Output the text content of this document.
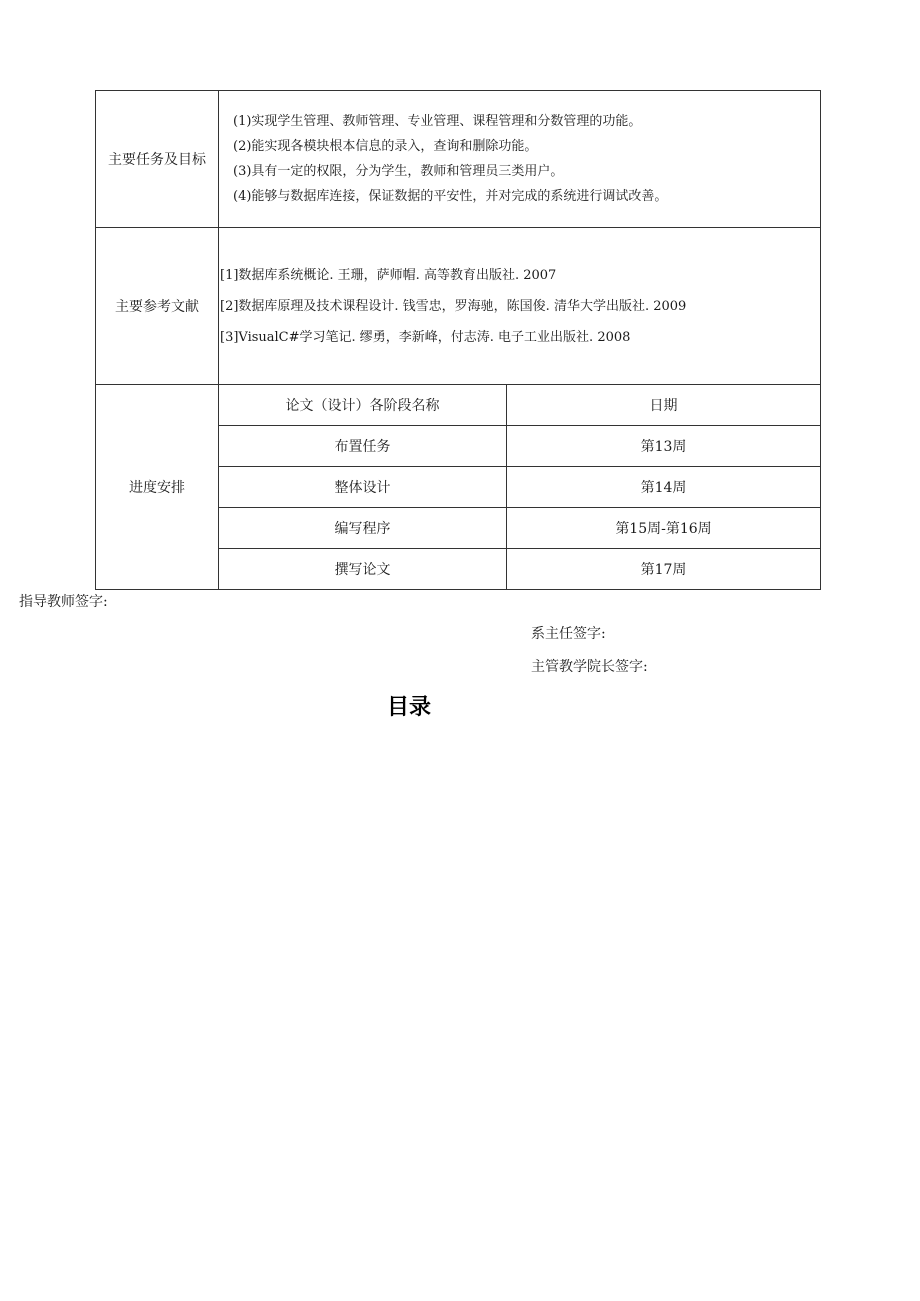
主要任务及目标	
(1)实现学生管理、教师管理、专业管理、课程管理和分数管理的功能。
(2)能实现各模块根本信息的录入，查询和删除功能。
(3)具有一定的权限，分为学生，教师和管理员三类用户。
(4)能够与数据库连接，保证数据的平安性，并对完成的系统进行调试改善。

主要参考文献	
[1]数据库系统概论. 王珊，萨师帽. 高等教育出版社. 2007
[2]数据库原理及技术课程设计. 钱雪忠，罗海驰，陈国俊. 清华大学出版社. 2009
[3]VisualC#学习笔记. 缪勇，李新峰，付志涛. 电子工业出版社. 2008

进度安排	
论文（设计）各阶段名称	日期
布置任务	第13周
整体设计	第14周
编写程序	第15周-第16周
撰写论文	第17周
指导教师签字:
系主任签字:
主管教学院长签字:
目录
